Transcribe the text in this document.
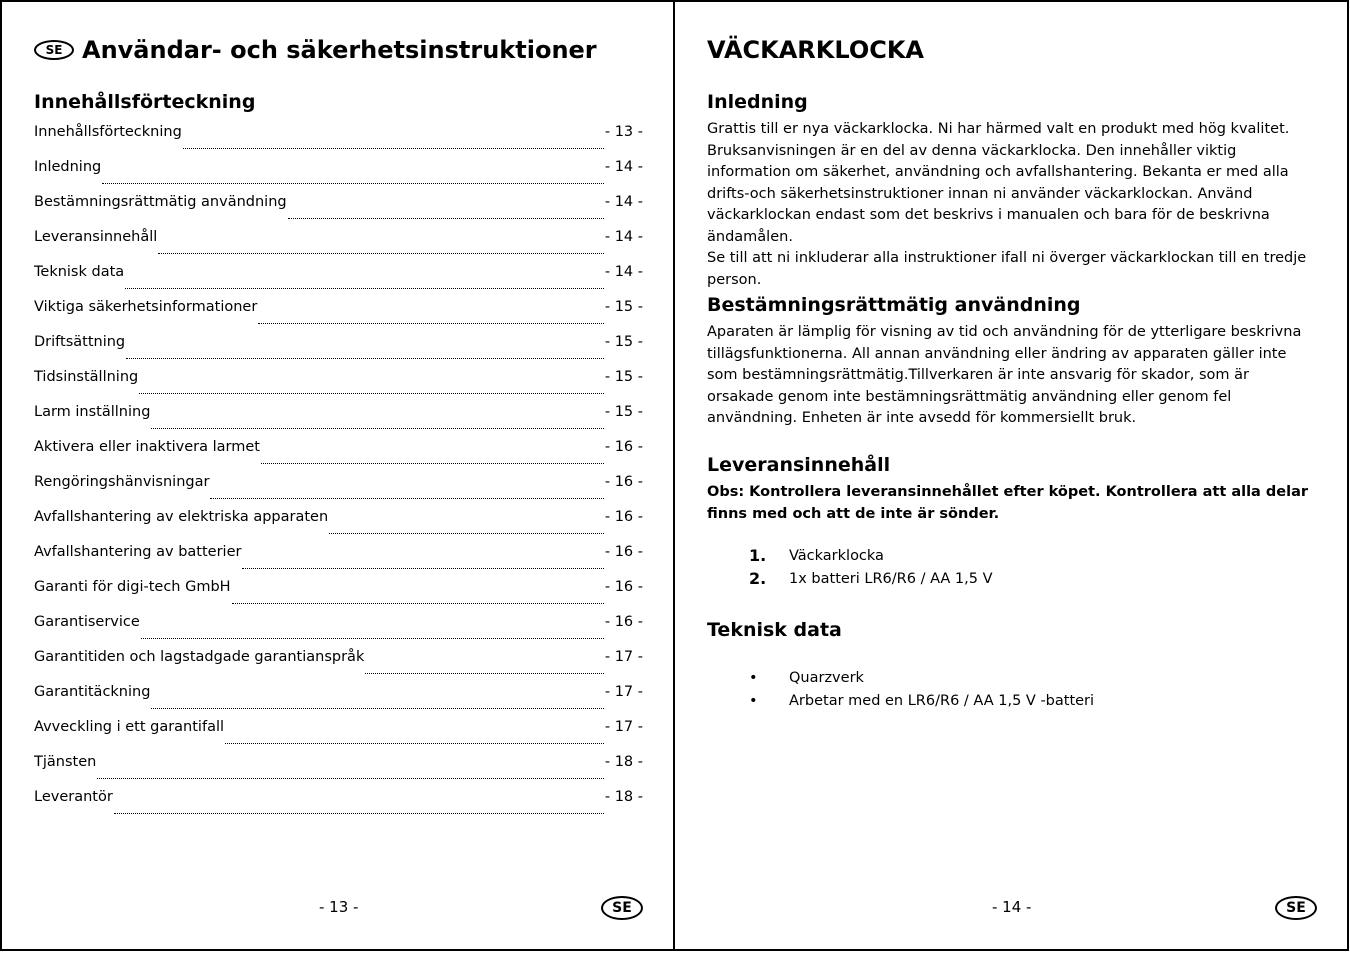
SE Användar- och säkerhetsinstruktioner
Innehållsförteckning
Innehållsförteckning	- 13 -
Inledning	- 14 -
Bestämningsrättmätig användning	- 14 -
Leveransinnehåll	- 14 -
Teknisk data	- 14 -
Viktiga säkerhetsinformationer	- 15 -
Driftsättning	- 15 -
Tidsinställning	- 15 -
Larm inställning	- 15 -
Aktivera eller inaktivera larmet	- 16 -
Rengöringshänvisningar	- 16 -
Avfallshantering av elektriska apparaten	- 16 -
Avfallshantering av batterier	- 16 -
Garanti för digi-tech GmbH	- 16 -
Garantiservice	- 16 -
Garantitiden och lagstadgade garantianspråk	- 17 -
Garantitäckning	- 17 -
Avveckling i ett garantifall	- 17 -
Tjänsten	- 18 -
Leverantör	- 18 -
- 13 -	SE
VÄCKARKLOCKA
Inledning

Grattis till er nya väckarklocka. Ni har härmed valt en produkt med hög kvalitet. Bruksanvisningen är en del av denna väckarklocka. Den innehåller viktig information om säkerhet, användning och avfallshantering. Bekanta er med alla drifts-och säkerhetsinstruktioner innan ni använder väckarklockan. Använd väckarklockan endast som det beskrivs i manualen och bara för de beskrivna ändamålen.

Se till att ni inkluderar alla instruktioner ifall ni överger väckarklockan till en tredje person.

Bestämningsrättmätig användning

Aparaten är lämplig för visning av tid och användning för de ytterligare beskrivna tillägsfunktionerna. All annan användning eller ändring av apparaten gäller inte som bestämningsrättmätig.Tillverkaren är inte ansvarig för skador, som är orsakade genom inte bestämningsrättmätig användning eller genom fel användning. Enheten är inte avsedd för kommersiellt bruk.

Leveransinnehåll

Obs: Kontrollera leveransinnehållet efter köpet. Kontrollera att alla delar finns med och att de inte är sönder.

1.	Väckarklocka
2.	1x batteri LR6/R6 / AA 1,5 V
Teknisk data
•	Quarzverk
•	Arbetar med en LR6/R6 / AA 1,5 V -batteri
- 14 -	SE
